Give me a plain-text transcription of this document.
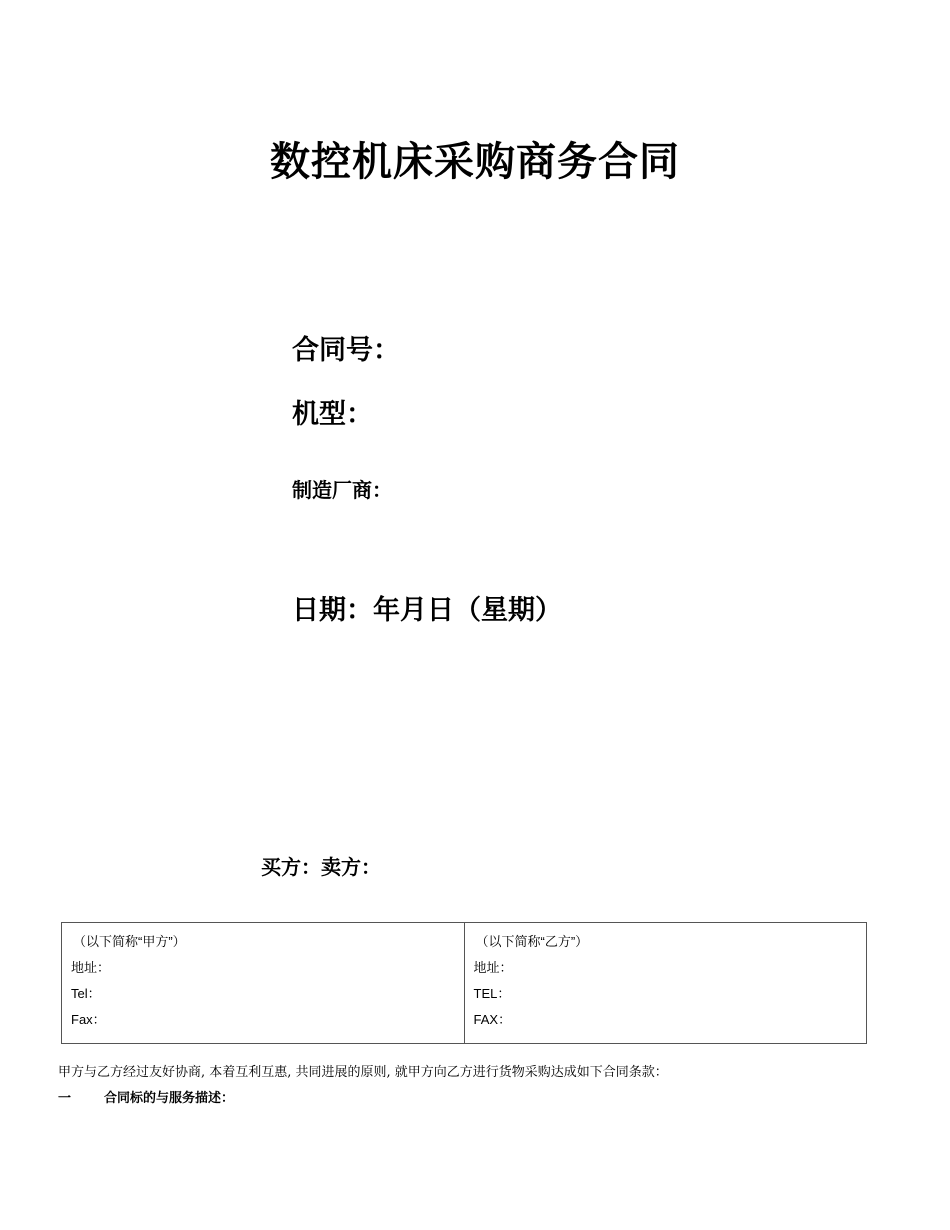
数控机床采购商务合同
合同号：
机型：
制造厂商：
日期：年月日（星期）
买方：卖方：
（以下简称“甲方”）
地址：
Tel：
Fax：

（以下简称“乙方”）
地址：
TEL：
FAX：
甲方与乙方经过友好协商, 本着互利互惠, 共同进展的原则, 就甲方向乙方进行货物采购达成如下合同条款：
一	合同标的与服务描述：
